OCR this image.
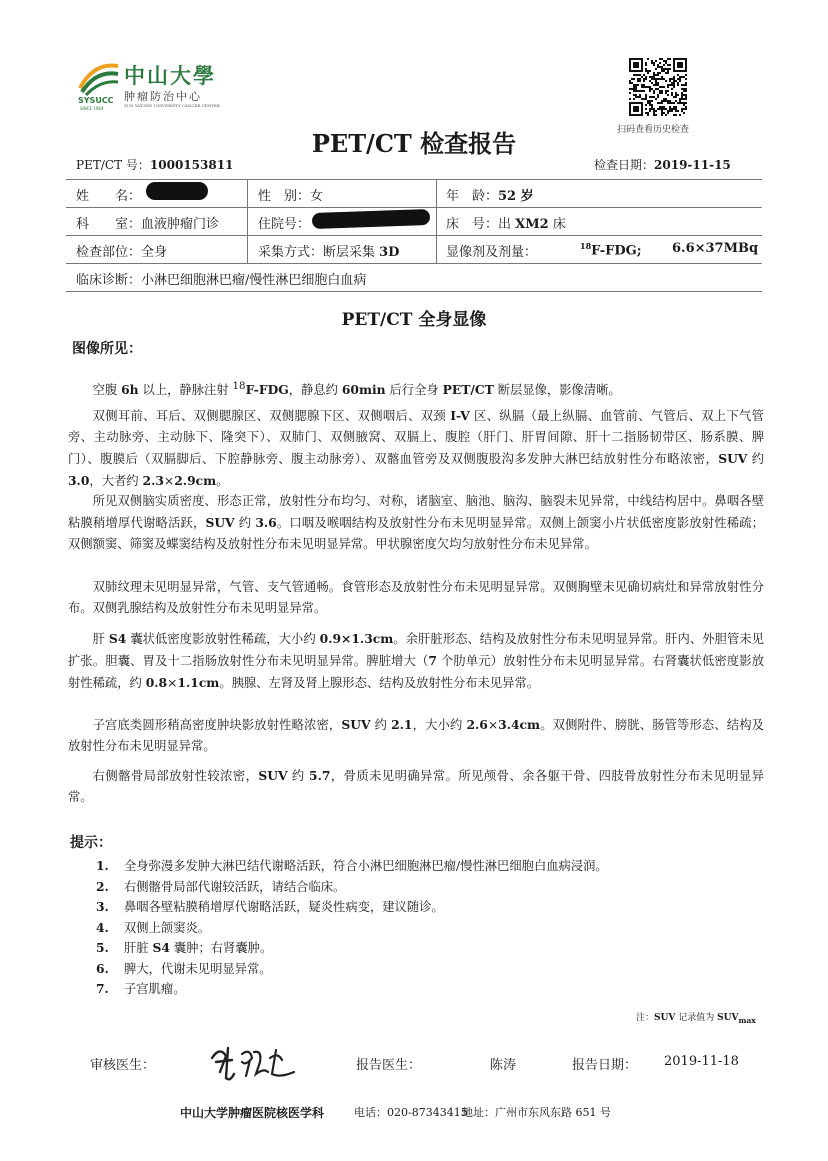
SYSUCC
SINCE 1964
中山大學
肿瘤防治中心
SUN YAT-SEN UNIVERSITY CANCER CENTER
扫码查看历史检查
PET/CT 检查报告
PET/CT 号：1000153811	检查日期：2019-11-15
姓　　名：	性　别：女	年　龄：52 岁
科　　室：血液肿瘤门诊	住院号：	床　号：出 XM2 床
检查部位：全身	采集方式：断层采集 3D	显像剂及剂量：	$^{18}$F-FDG; 6.6×37MBq
临床诊断：小淋巴细胞淋巴瘤/慢性淋巴细胞白血病
PET/CT 全身显像
图像所见：
空腹 6h 以上，静脉注射 $^{18}$F-FDG，静息约 60min 后行全身 PET/CT 断层显像，影像清晰。
双侧耳前、耳后、双侧腮腺区、双侧腮腺下区、双侧咽后、双颈 I-V 区、纵膈（最上纵膈、血管前、气管后、双上下气管旁、主动脉旁、主动脉下、隆突下）、双肺门、双侧腋窝、双膈上、腹腔（肝门、肝胃间隙、肝十二指肠韧带区、肠系膜、脾门）、腹膜后（双膈脚后、下腔静脉旁、腹主动脉旁）、双髂血管旁及双侧腹股沟多发肿大淋巴结放射性分布略浓密，SUV 约 3.0，大者约 2.3×2.9cm。
所见双侧脑实质密度、形态正常，放射性分布均匀、对称，诸脑室、脑池、脑沟、脑裂未见异常，中线结构居中。鼻咽各壁粘膜稍增厚代谢略活跃，SUV 约 3.6。口咽及喉咽结构及放射性分布未见明显异常。双侧上颌窦小片状低密度影放射性稀疏；双侧额窦、筛窦及蝶窦结构及放射性分布未见明显异常。甲状腺密度欠均匀放射性分布未见异常。
双肺纹理未见明显异常，气管、支气管通畅。食管形态及放射性分布未见明显异常。双侧胸壁未见确切病灶和异常放射性分布。双侧乳腺结构及放射性分布未见明显异常。
肝 S4 囊状低密度影放射性稀疏，大小约 0.9×1.3cm。余肝脏形态、结构及放射性分布未见明显异常。肝内、外胆管未见扩张。胆囊、胃及十二指肠放射性分布未见明显异常。脾脏增大（7 个肋单元）放射性分布未见明显异常。右肾囊状低密度影放射性稀疏，约 0.8×1.1cm。胰腺、左肾及肾上腺形态、结构及放射性分布未见异常。
子宫底类圆形稍高密度肿块影放射性略浓密，SUV 约 2.1，大小约 2.6×3.4cm。双侧附件、膀胱、肠管等形态、结构及放射性分布未见明显异常。
右侧髂骨局部放射性较浓密，SUV 约 5.7，骨质未见明确异常。所见颅骨、余各躯干骨、四肢骨放射性分布未见明显异常。
提示：
1. 全身弥漫多发肿大淋巴结代谢略活跃，符合小淋巴细胞淋巴瘤/慢性淋巴细胞白血病浸润。
2. 右侧髂骨局部代谢较活跃，请结合临床。
3. 鼻咽各壁粘膜稍增厚代谢略活跃，疑炎性病变，建议随诊。
4. 双侧上颌窦炎。
5. 肝脏 S4 囊肿；右肾囊肿。
6. 脾大，代谢未见明显异常。
7. 子宫肌瘤。
注：SUV 记录值为 $SUV_{max}$
审核医生：	报告医生：	陈涛	报告日期： 2019-11-18
中山大学肿瘤医院核医学科	电话：020-87343415
地址：广州市东风东路 651 号
